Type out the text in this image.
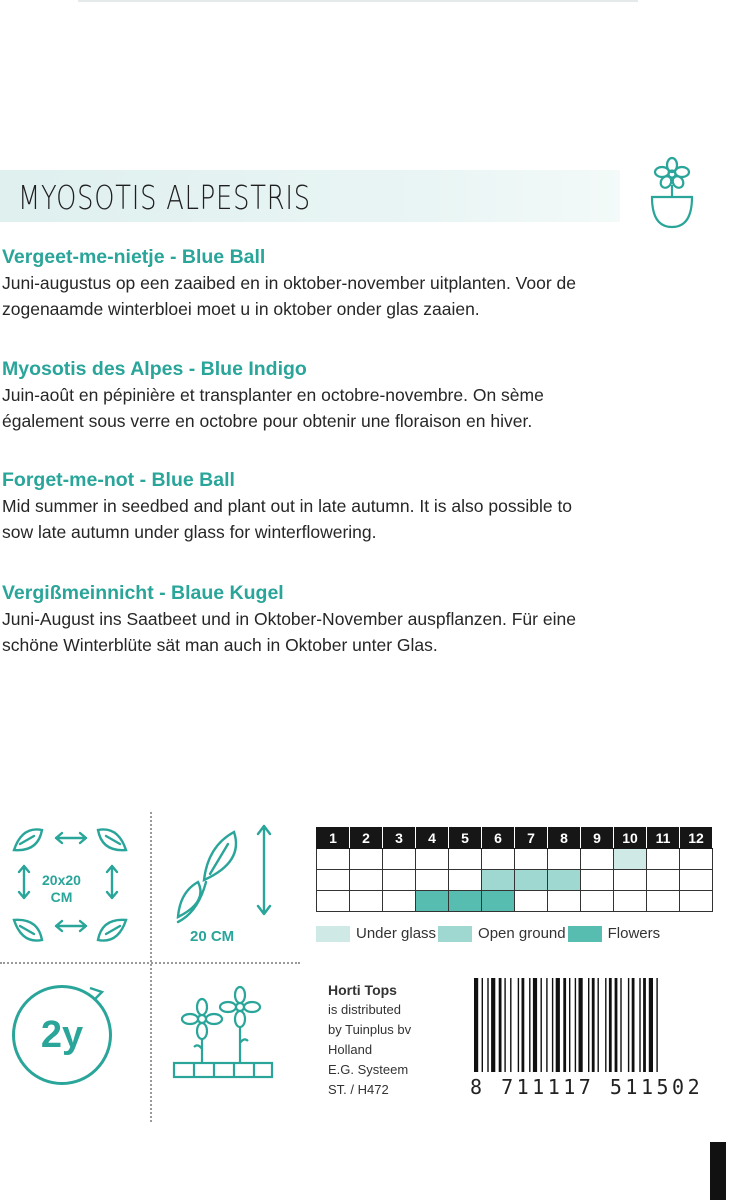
MYOSOTIS ALPESTRIS
Vergeet-me-nietje - Blue Ball

Juni-augustus op een zaaibed en in oktober-november uitplanten. Voor de
zogenaamde winterbloei moet u in oktober onder glas zaaien.

Myosotis des Alpes - Blue Indigo

Juin-août en pépinière et transplanter en octobre-novembre. On sème
également sous verre en octobre pour obtenir une floraison en hiver.

Forget-me-not - Blue Ball

Mid summer in seedbed and plant out in late autumn. It is also possible to
sow late autumn under glass for winterflowering.

Vergißmeinnicht - Blaue Kugel

Juni-August ins Saatbeet und in Oktober-November auspflanzen. Für eine
schöne Winterblüte sät man auch in Oktober unter Glas.

20x20
CM
20 CM
2y
1	2	3	4	5	6	7	8	9	10	11	12

Under glass	Open ground	Flowers
Horti Tops
is distributed
by Tuinplus bv
Holland
E.G. Systeem
ST. / H472	8 711117 511502
